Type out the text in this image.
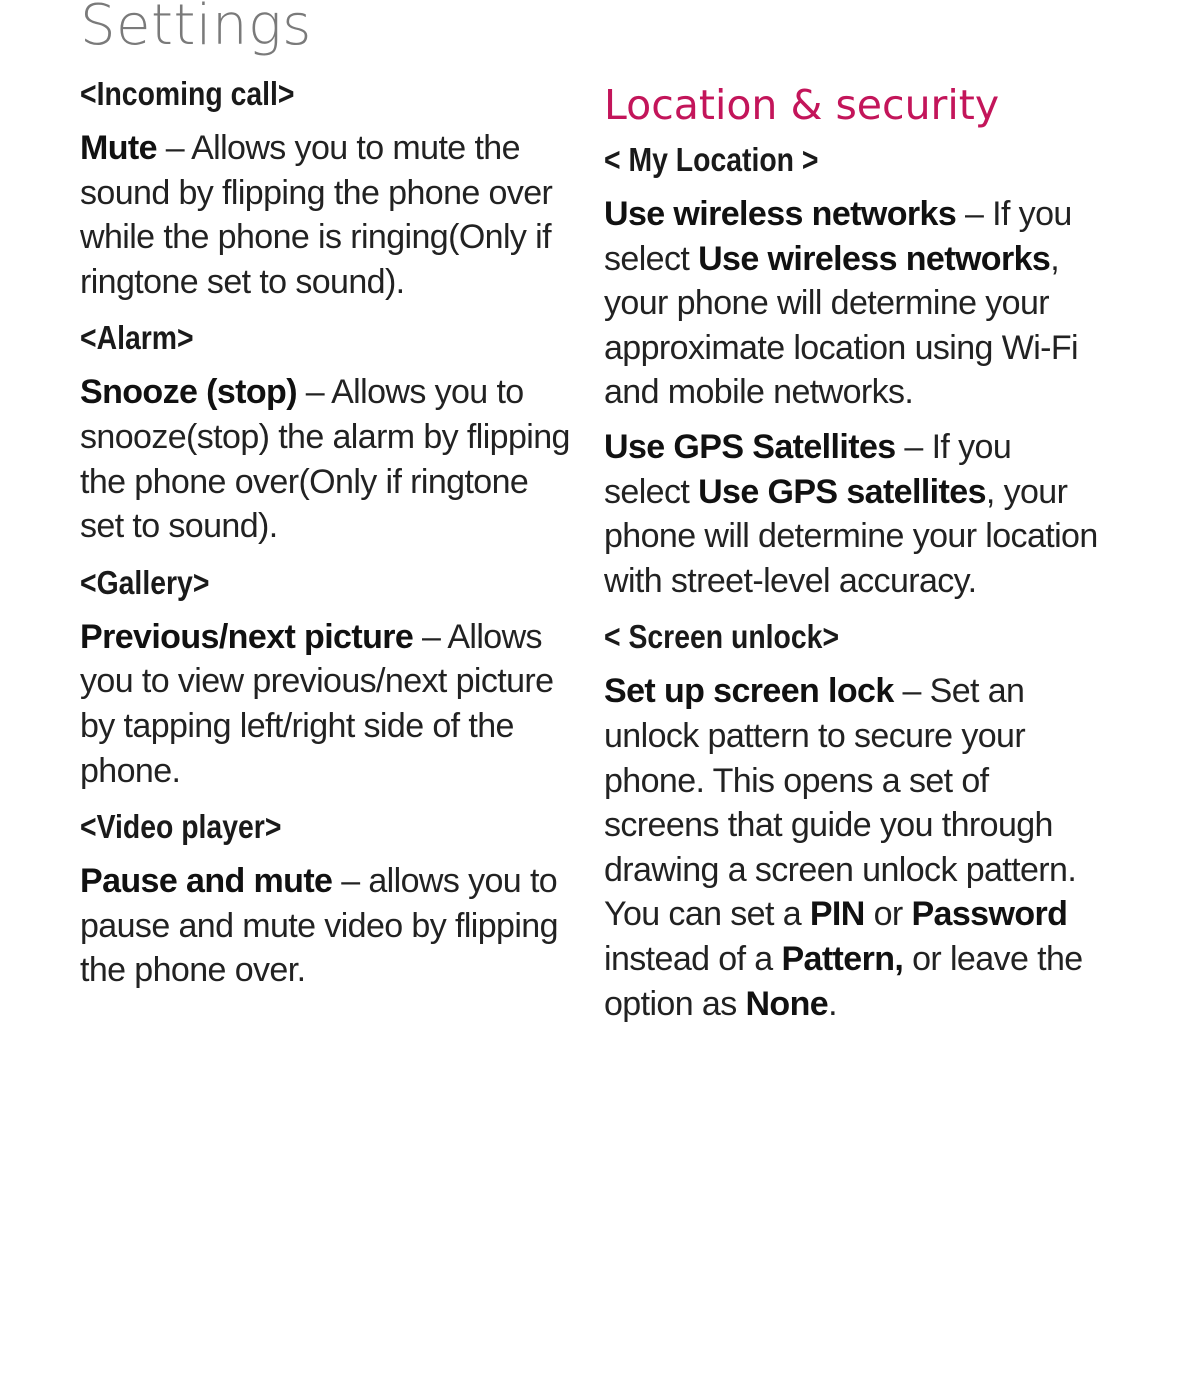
Settings
<Incoming call>

Mute – Allows you to mute the sound by flipping the phone over while the phone is ringing(Only if ringtone set to sound).

<Alarm>

Snooze (stop) – Allows you to snooze(stop) the alarm by flipping the phone over(Only if ringtone set to sound).

<Gallery>

Previous/next picture – Allows you to view previous/next picture by tapping left/right side of the phone.

<Video player>

Pause and mute – allows you to pause and mute video by flipping the phone over.

Location & security
< My Location >

Use wireless networks – If you select Use wireless networks, your phone will determine your approximate location using Wi-Fi and mobile networks.

Use GPS Satellites – If you select Use GPS satellites, your phone will determine your location with street-level accuracy.

< Screen unlock>

Set up screen lock – Set an unlock pattern to secure your phone. This opens a set of screens that guide you through drawing a screen unlock pattern. You can set a PIN or Password instead of a Pattern, or leave the option as None.
